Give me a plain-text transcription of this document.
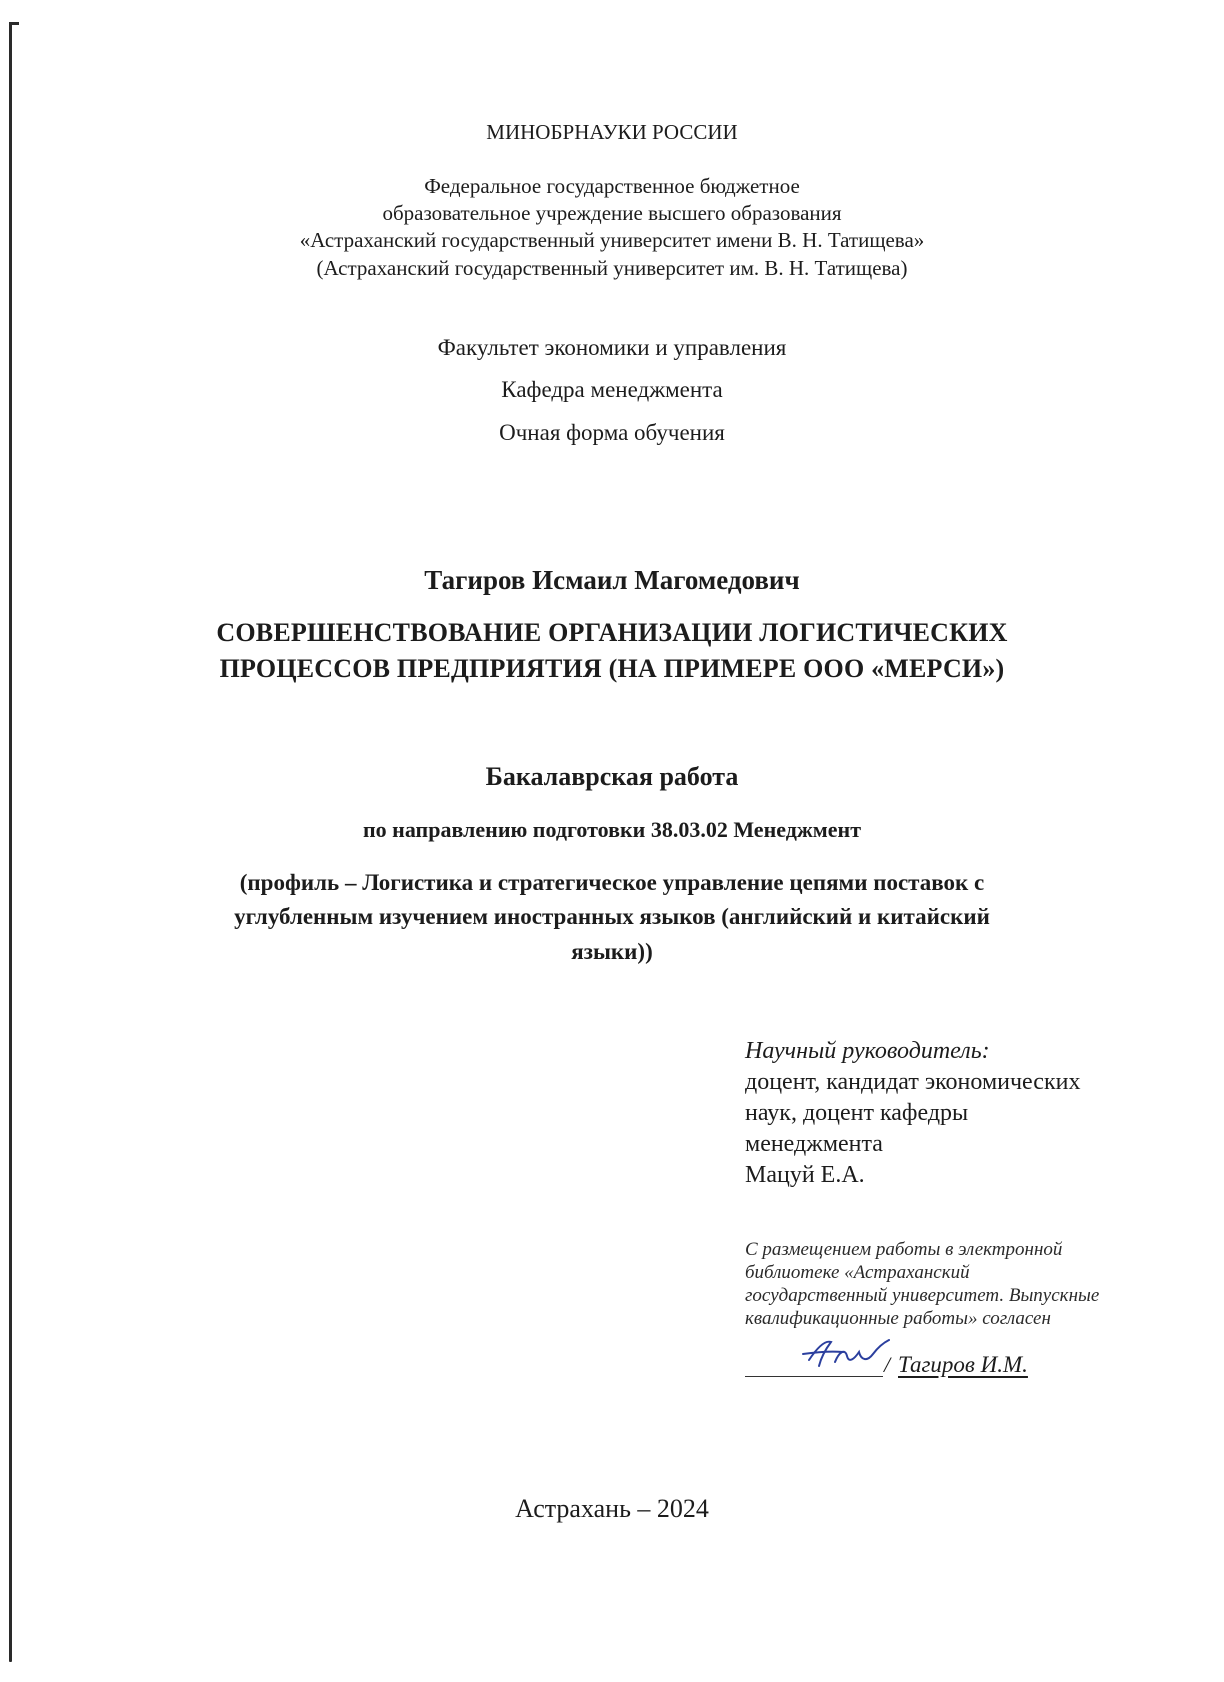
МИНОБРНАУКИ РОССИИ
Федеральное государственное бюджетное
образовательное учреждение высшего образования
«Астраханский государственный университет имени В. Н. Татищева»
(Астраханский государственный университет им. В. Н. Татищева)
Факультет экономики и управления
Кафедра менеджмента
Очная форма обучения
Тагиров Исмаил Магомедович
СОВЕРШЕНСТВОВАНИЕ ОРГАНИЗАЦИИ ЛОГИСТИЧЕСКИХ
ПРОЦЕССОВ ПРЕДПРИЯТИЯ (НА ПРИМЕРЕ ООО «МЕРСИ»)
Бакалаврская работа
по направлению подготовки 38.03.02 Менеджмент
(профиль – Логистика и стратегическое управление цепями поставок с
углубленным изучением иностранных языков (английский и китайский
языки))
Научный руководитель:
доцент, кандидат экономических
наук, доцент кафедры
менеджмента
Мацуй Е.А.
С размещением работы в электронной
библиотеке «Астраханский
государственный университет. Выпускные
квалификационные работы» согласен
/ Тагиров И.М.
Астрахань – 2024
